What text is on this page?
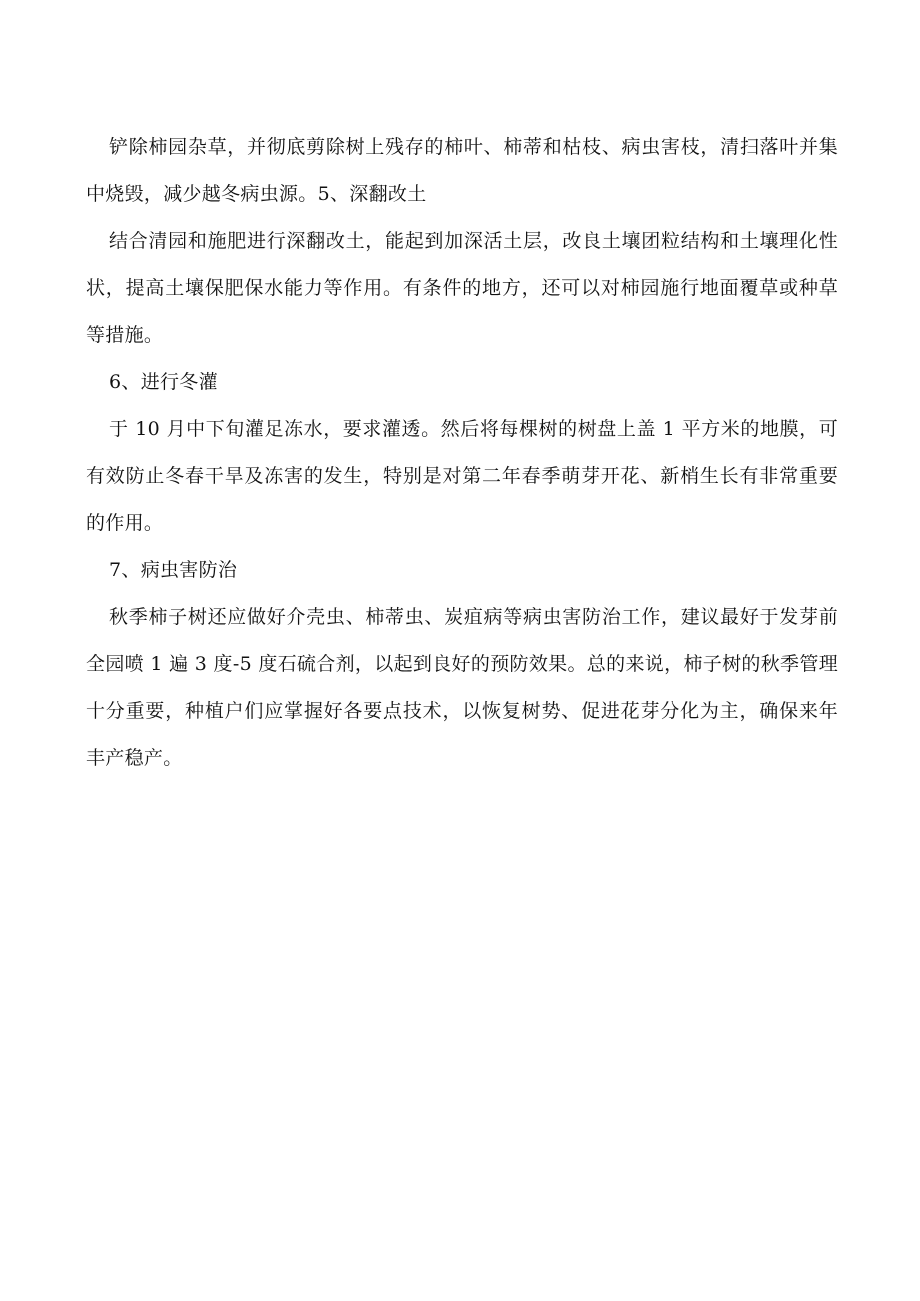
铲除柿园杂草，并彻底剪除树上残存的柿叶、柿蒂和枯枝、病虫害枝，清扫落叶并集中烧毁，减少越冬病虫源。5、深翻改土

结合清园和施肥进行深翻改土，能起到加深活土层，改良土壤团粒结构和土壤理化性状，提高土壤保肥保水能力等作用。有条件的地方，还可以对柿园施行地面覆草或种草等措施。

6、进行冬灌

于 10 月中下旬灌足冻水，要求灌透。然后将每棵树的树盘上盖 1 平方米的地膜，可有效防止冬春干旱及冻害的发生，特别是对第二年春季萌芽开花、新梢生长有非常重要的作用。

7、病虫害防治

秋季柿子树还应做好介壳虫、柿蒂虫、炭疽病等病虫害防治工作，建议最好于发芽前全园喷 1 遍 3 度-5 度石硫合剂，以起到良好的预防效果。总的来说，柿子树的秋季管理十分重要，种植户们应掌握好各要点技术，以恢复树势、促进花芽分化为主，确保来年丰产稳产。
